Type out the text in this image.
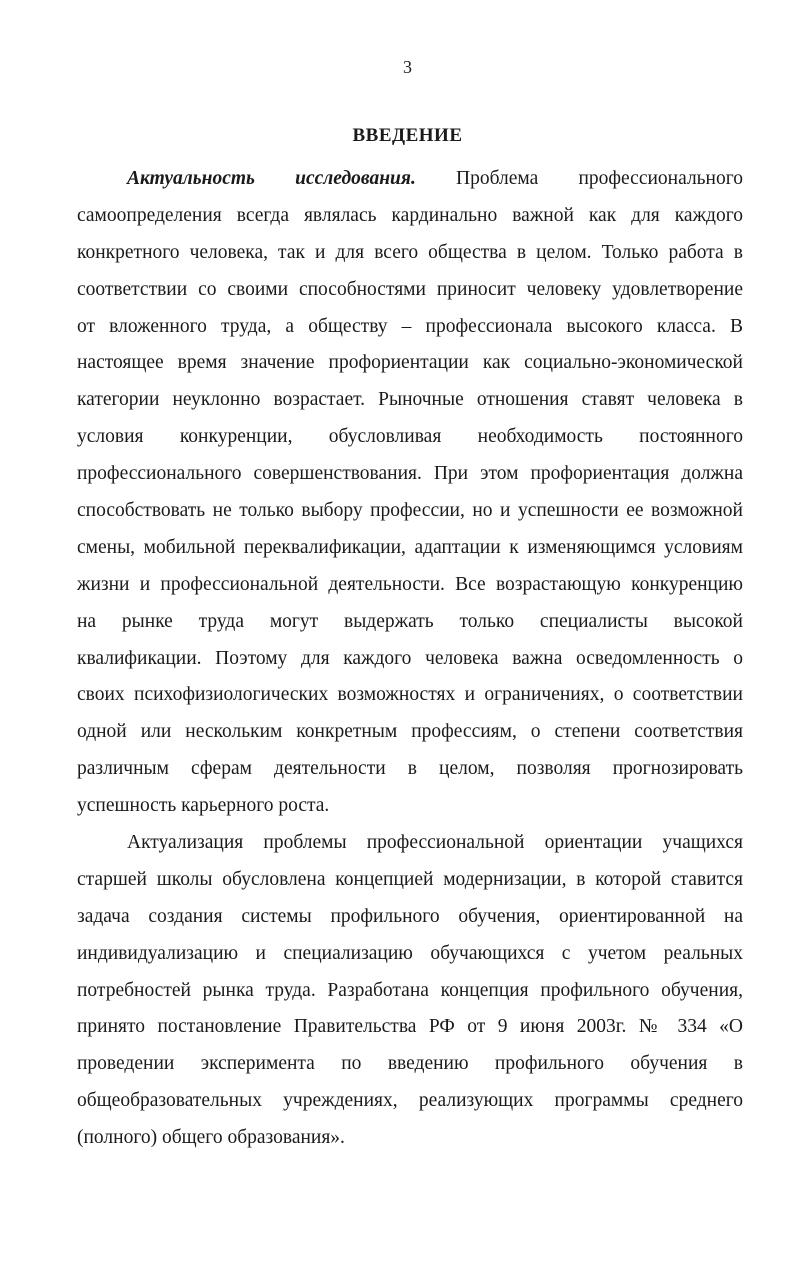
3
ВВЕДЕНИЕ
Актуальность исследования. Проблема профессионального
самоопределения всегда являлась кардинально важной как для каждого
конкретного человека, так и для всего общества в целом. Только работа в
соответствии со своими способностями приносит человеку удовлетворение
от вложенного труда, а обществу – профессионала высокого класса. В
настоящее время значение профориентации как социально-экономической
категории неуклонно возрастает. Рыночные отношения ставят человека в
условия конкуренции, обусловливая необходимость постоянного
профессионального совершенствования. При этом профориентация должна
способствовать не только выбору профессии, но и успешности ее возможной
смены, мобильной переквалификации, адаптации к изменяющимся условиям
жизни и профессиональной деятельности. Все возрастающую конкуренцию
на рынке труда могут выдержать только специалисты высокой
квалификации. Поэтому для каждого человека важна осведомленность о
своих психофизиологических возможностях и ограничениях, о соответствии
одной или нескольким конкретным профессиям, о степени соответствия
различным сферам деятельности в целом, позволяя прогнозировать
успешность карьерного роста.
Актуализация проблемы профессиональной ориентации учащихся
старшей школы обусловлена концепцией модернизации, в которой ставится
задача создания системы профильного обучения, ориентированной на
индивидуализацию и специализацию обучающихся с учетом реальных
потребностей рынка труда. Разработана концепция профильного обучения,
принято постановление Правительства РФ от 9 июня 2003г. № 334 «О
проведении эксперимента по введению профильного обучения в
общеобразовательных учреждениях, реализующих программы среднего
(полного) общего образования».
